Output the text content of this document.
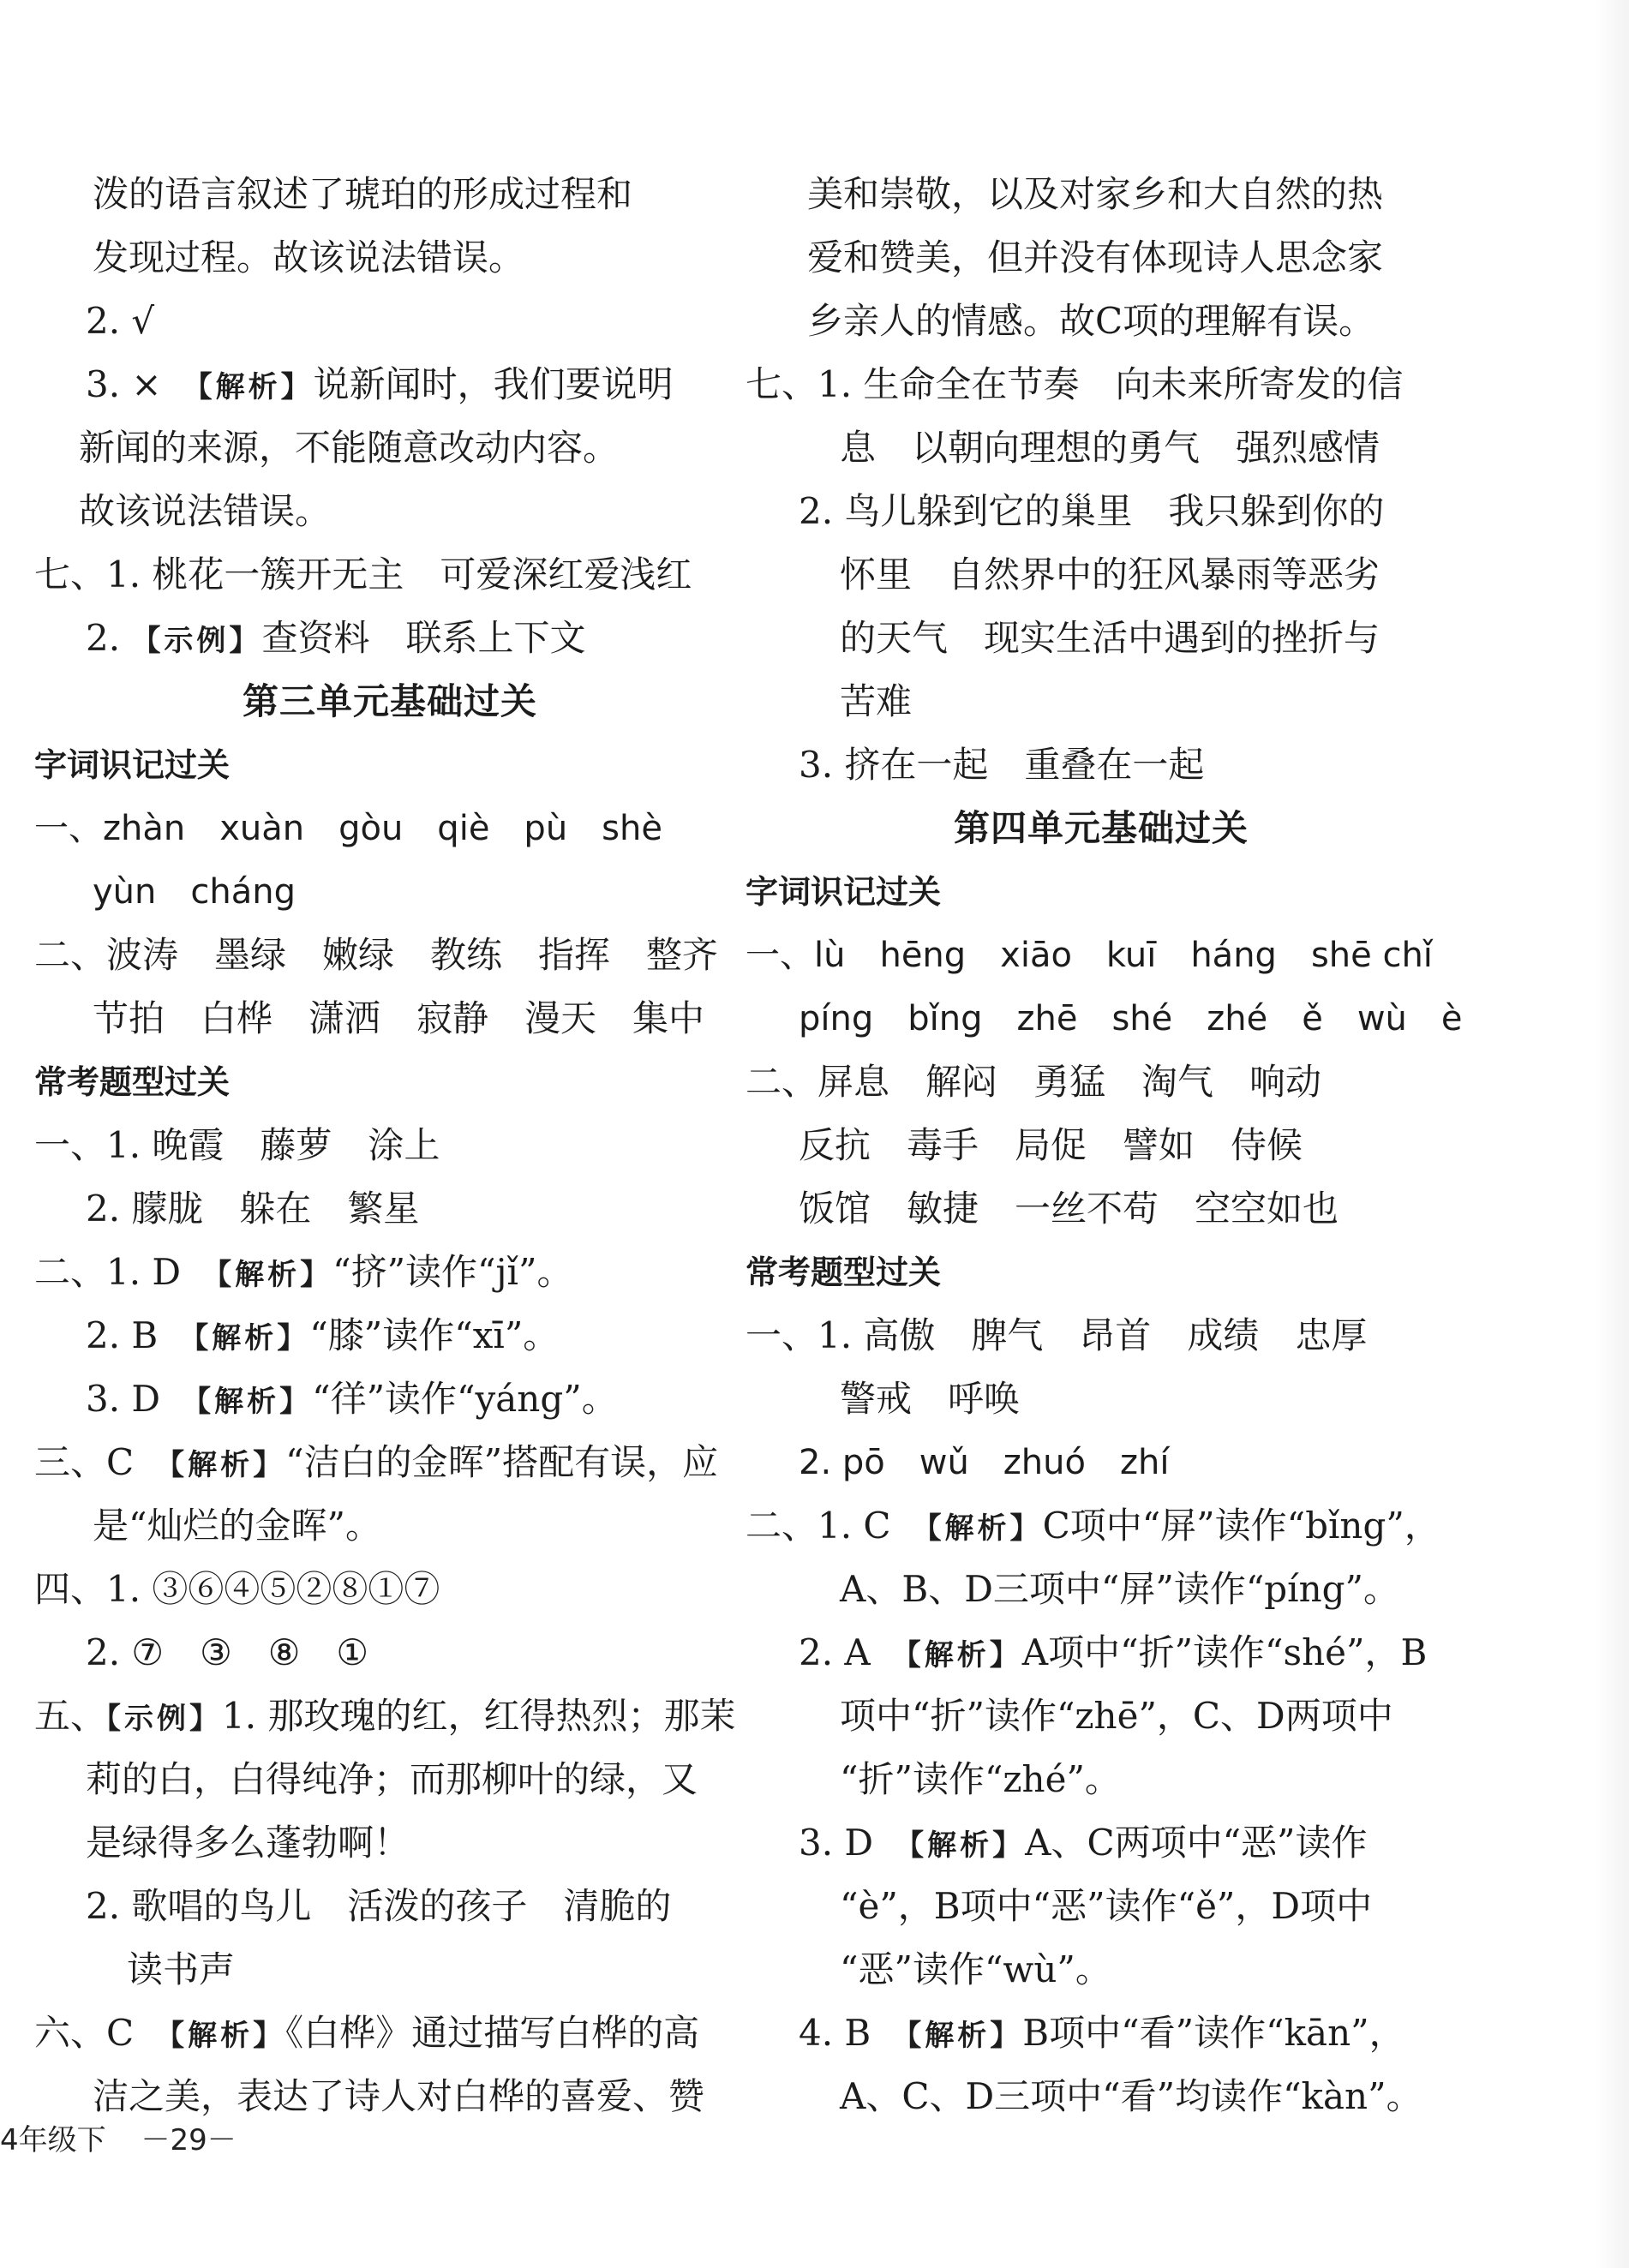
泼的语言叙述了琥珀的形成过程和
发现过程。故该说法错误。
2. √
3. ×　【解析】说新闻时，我们要说明
新闻的来源，不能随意改动内容。
故该说法错误。
七、1. 桃花一簇开无主　可爱深红爱浅红
2. 【示例】查资料　联系上下文
第三单元基础过关
字词识记过关
一、zhàn　xuàn　gòu　qiè　pù　shè
yùn　cháng
二、波涛　墨绿　嫩绿　教练　指挥　整齐
节拍　白桦　潇洒　寂静　漫天　集中
常考题型过关
一、1. 晚霞　藤萝　涂上
2. 朦胧　躲在　繁星
二、1. D　【解析】“挤”读作“jǐ”。
2. B　【解析】“膝”读作“xī”。
3. D　【解析】“徉”读作“yáng”。
三、C　【解析】“洁白的金晖”搭配有误，应
是“灿烂的金晖”。
四、1. ③⑥④⑤②⑧①⑦
2. ⑦　③　⑧　①
五、【示例】1. 那玫瑰的红，红得热烈；那茉
莉的白，白得纯净；而那柳叶的绿，又
是绿得多么蓬勃啊！
2. 歌唱的鸟儿　活泼的孩子　清脆的
读书声
六、C　【解析】《白桦》通过描写白桦的高
洁之美，表达了诗人对白桦的喜爱、赞
美和崇敬，以及对家乡和大自然的热
爱和赞美，但并没有体现诗人思念家
乡亲人的情感。故C项的理解有误。
七、1. 生命全在节奏　向未来所寄发的信
息　以朝向理想的勇气　强烈感情
2. 鸟儿躲到它的巢里　我只躲到你的
怀里　自然界中的狂风暴雨等恶劣
的天气　现实生活中遇到的挫折与
苦难
3. 挤在一起　重叠在一起
第四单元基础过关
字词识记过关
一、lù　hēng　xiāo　kuī　háng　shē chǐ
píng　bǐng　zhē　shé　zhé　ě　wù　è
二、屏息　解闷　勇猛　淘气　响动
反抗　毒手　局促　譬如　侍候
饭馆　敏捷　一丝不苟　空空如也
常考题型过关
一、1. 高傲　脾气　昂首　成绩　忠厚
警戒　呼唤
2. pō　wǔ　zhuó　zhí
二、1. C　【解析】C项中“屏”读作“bǐng”，
A、B、D三项中“屏”读作“píng”。
2. A　【解析】A项中“折”读作“shé”，B
项中“折”读作“zhē”，C、D两项中
“折”读作“zhé”。
3. D　【解析】A、C两项中“恶”读作
“è”，B项中“恶”读作“ě”，D项中
“恶”读作“wù”。
4. B　【解析】B项中“看”读作“kān”，
A、C、D三项中“看”均读作“kàn”。
4年级下 －29－
